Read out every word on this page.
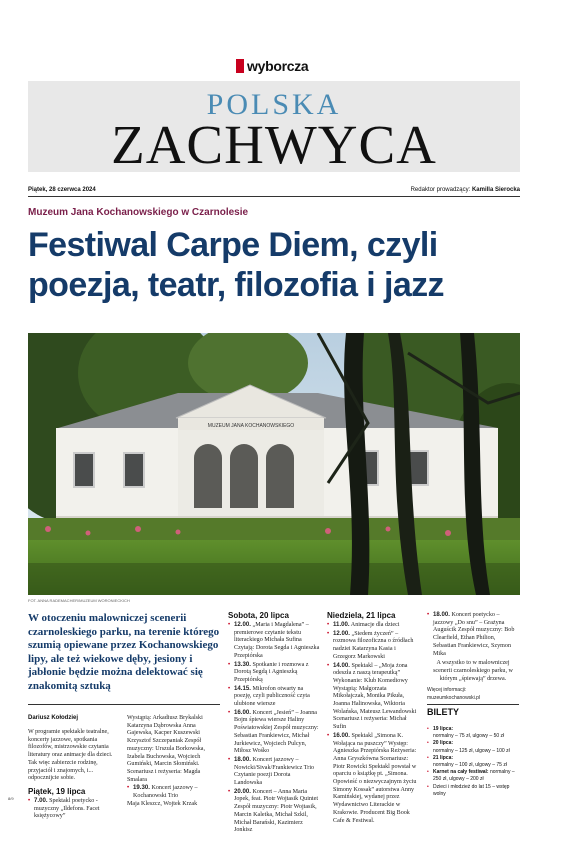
wyborcza
POLSKA
ZACHWYCA
Piątek, 28 czerwca 2024	Redaktor prowadzący: Kamilla Sierocka
Muzeum Jana Kochanowskiego w Czarnolesie
Festiwal Carpe Diem, czyli poezja, teatr, filozofia i jazz
MUZEUM JANA KOCHANOWSKIEGO
FOT. ANNA RADEMACHER/MUZEUM WORONIECKICH
W otoczeniu malowniczej scenerii czarnoleskiego parku, na terenie którego szumią opiewane przez Kochanowskiego lipy, ale też wiekowe dęby, jesiony i jabłonie będzie można delektować się znakomitą sztuką
Dariusz Kołodziej

W programie spektakle teatralne, koncerty jazzowe, spotkania filozofów, mistrzowskie czytania literatury oraz animacje dla dzieci. Tak więc zabierzcie rodzinę, przyjaciół i znajomych, i... odpocznijcie sobie.

Piątek, 19 lipca
• 7.00. Spektakl poetycko - muzyczny „Ildefons. Facet księżycowy”

Wystąpią: Arkadiusz Brykalski Katarzyna Dąbrowska Anna Gajewska, Kacper Kuszewski Krzysztof Szczepaniak Zespół muzyczny: Urszula Borkowska, Izabela Buchowska, Wojciech Gumiński, Marcin Słomiński. Scenariusz i reżyseria: Magda Smalara

• 19.30. Koncert jazzowy – Kochanowski Trio

Maja Kleszcz, Wojtek Krzak

Sobota, 20 lipca
• 12.00. „Maria i Magdalena” – premierowe czytanie tekstu literackiego Michała Sufina Czytają: Dorota Segda i Agnieszka Przepiórska
• 13.30. Spotkanie i rozmowa z Dorotą Segdą i Agnieszką Przepiórską
• 14.15. Mikrofon otwarty na poezję, czyli publiczność czyta ulubione wiersze
• 16.00. Koncert „Jesień” – Joanna Bojm śpiewa wiersze Haliny Poświatowskiej Zespół muzyczny: Sebastian Frankiewicz, Michał Jurkiewicz, Wojciech Pulcyn, Miłosz Wośko
• 18.00. Koncert jazzowy – Nowicki/Sivak/Frankiewicz Trio Czytanie poezji Dorota Landowska
• 20.00. Koncert – Anna Maria Jopek, feat. Piotr Wojtasik Quintet Zespół muzyczny: Piotr Wojtasik, Marcin Kaletka, Michał Szkil, Michał Barański, Kazimierz Jonkisz
Niedziela, 21 lipca
• 11.00. Animacje dla dzieci
• 12.00. „Siedem życzeń” – rozmowa filozoficzna o źródłach nadziei Katarzyna Kasia i Grzegorz Markowski
• 14.00. Spektakl – „Moja żona odeszła z naszą terapeutką” Wykonanie: Klub Komediowy Wystąpią: Małgorzata Mikołajczak, Monika Pikuła, Joanna Halinowska, Wiktoria Wolańska, Mateusz Lewandowski Scenariusz i reżyseria: Michał Sufin
• 16.00. Spektakl „Simona K. Wołająca na puszczy” Występ: Agnieszka Przepiórska Reżyseria: Anna Gryszkówna Scenariusz: Piotr Rowicki Spektakl powstał w oparciu o książkę pt. „Simona. Opowieść o niezwyczajnym życiu Simony Kossak” autorstwa Anny Kamińskiej, wydanej przez Wydawnictwo Literackie w Krakowie. Producent Big Book Cafe & Festiwal.
• 18.00. Koncert poetycko – jazzowy „Do snu” – Grażyna Auguścik Zespół muzyczny: Bob Clearfield, Ethan Philion, Sebastian Frankiewicz, Szymon Mika

A wszystko to w malowniczej scenerii czarnoleskiego parku, w którym „śpiewają” drzewa.

Więcej informacji: muzeumkochanowski.pl

BILETY
• 19 lipca:
normalny – 75 zł, ulgowy – 50 zł
• 20 lipca:
normalny – 125 zł, ulgowy – 100 zł
• 21 lipca:
normalny – 100 zł, ulgowy – 75 zł
• Karnet na cały festiwal: normalny – 250 zł, ulgowy – 200 zł
• Dzieci i młodzież do lat 15 – wstęp wolny
8/9
